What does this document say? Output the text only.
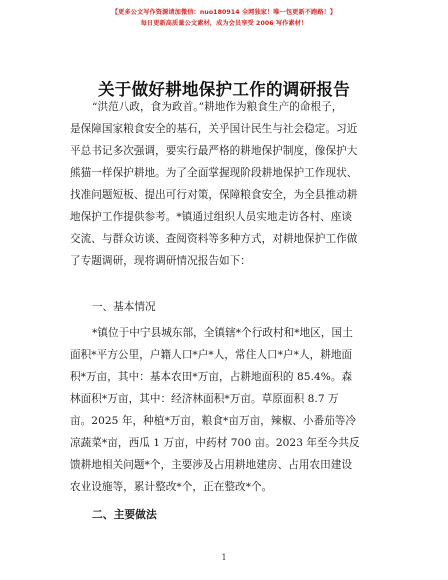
【更多公文写作资源请加微信：nuo180914 全网独家！唯一包更新不跑路！】
每日更新高质量公文素材，成为会员享受 2006 写作素材！
关于做好耕地保护工作的调研报告
“洪范八政，食为政首。”耕地作为粮食生产的命根子，
是保障国家粮食安全的基石，关乎国计民生与社会稳定。习近
平总书记多次强调，要实行最严格的耕地保护制度，像保护大
熊猫一样保护耕地。为了全面掌握现阶段耕地保护工作现状、
找准问题短板、提出可行对策，保障粮食安全，为全县推动耕
地保护工作提供参考。*镇通过组织人员实地走访各村、座谈
交流、与群众访谈、查阅资料等多种方式，对耕地保护工作做
了专题调研，现将调研情况报告如下：
一、基本情况
*镇位于中宁县城东部，全镇辖*个行政村和*地区，国土
面积*平方公里，户籍人口*户*人，常住人口*户*人，耕地面
积*万亩，其中：基本农田*万亩，占耕地面积的 85.4%。森
林面积*万亩，其中：经济林面积*万亩。草原面积 8.7 万
亩。2025 年，种植*万亩，粮食*亩万亩，辣椒、小番茄等冷
凉蔬菜*亩，西瓜 1 万亩，中药材 700 亩。2023 年至今共反
馈耕地相关问题*个，主要涉及占用耕地建房、占用农田建设
农业设施等，累计整改*个，正在整改*个。
二、主要做法
1
